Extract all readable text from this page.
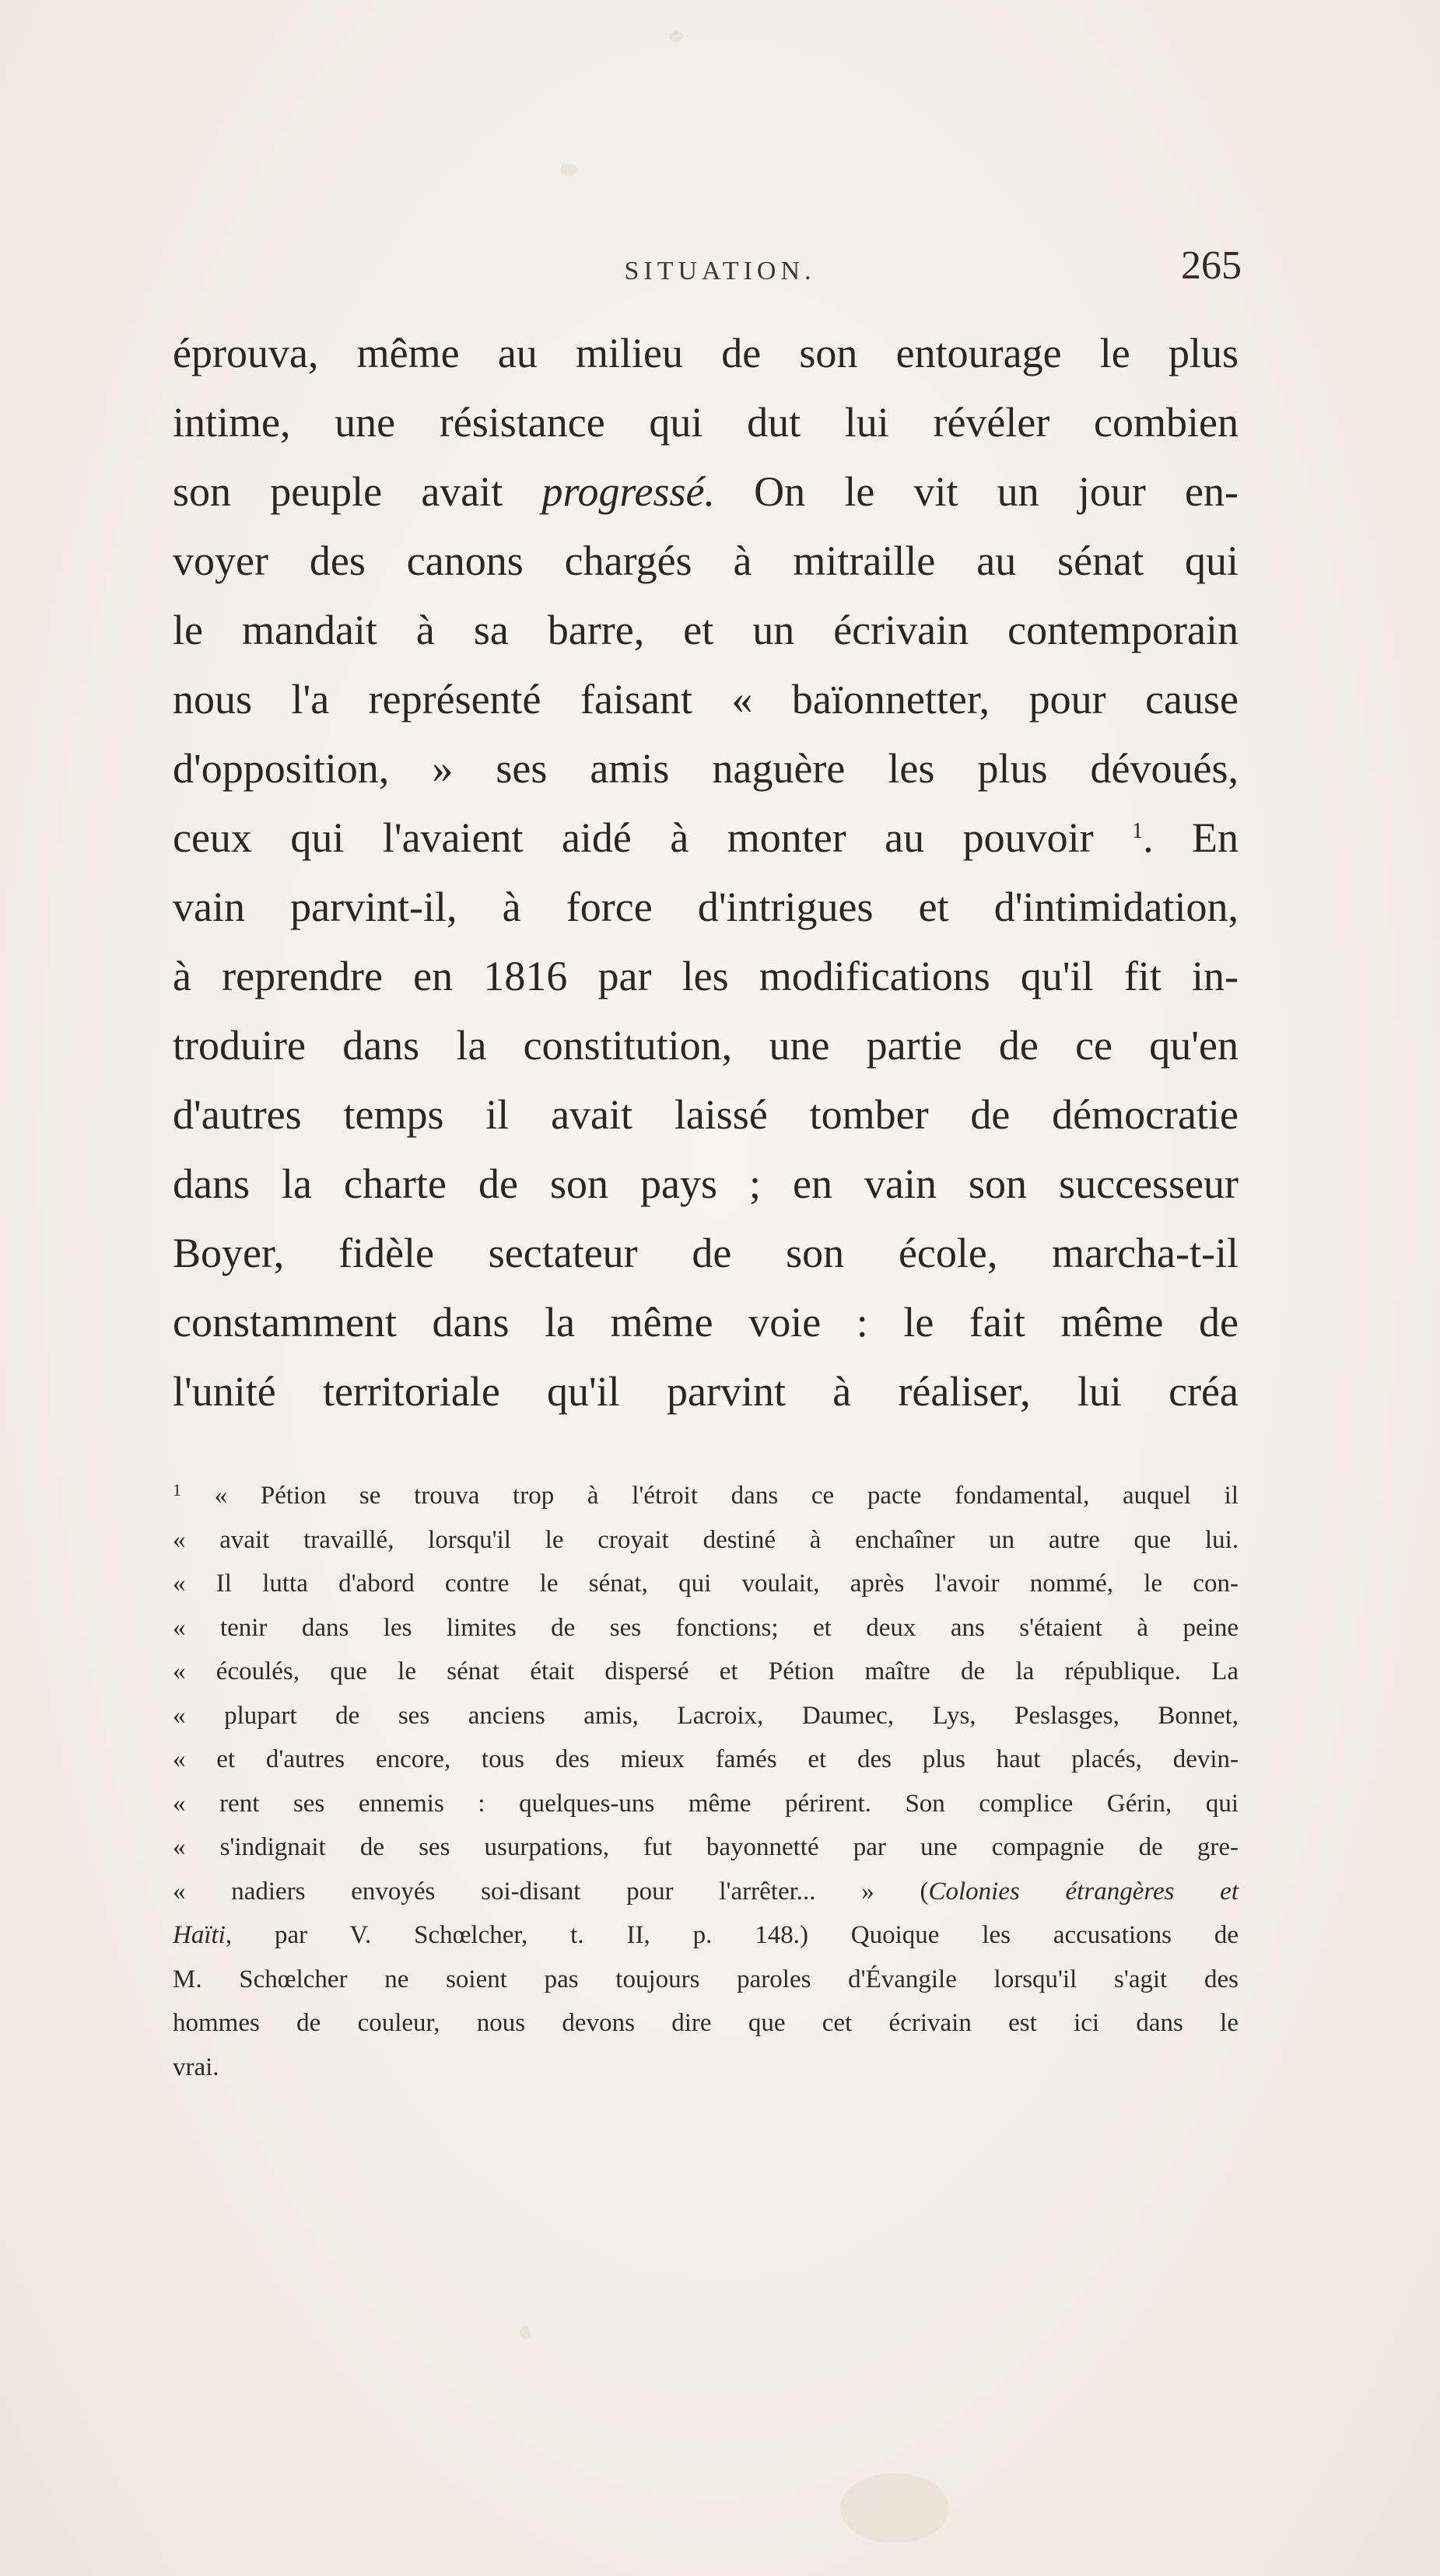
SITUATION.	265
éprouva, même au milieu de son entourage le plus
intime, une résistance qui dut lui révéler combien
son peuple avait progressé. On le vit un jour en-
voyer des canons chargés à mitraille au sénat qui
le mandait à sa barre, et un écrivain contemporain
nous l'a représenté faisant « baïonnetter, pour cause
d'opposition, » ses amis naguère les plus dévoués,
ceux qui l'avaient aidé à monter au pouvoir $^1$. En
vain parvint-il, à force d'intrigues et d'intimidation,
à reprendre en 1816 par les modifications qu'il fit in-
troduire dans la constitution, une partie de ce qu'en
d'autres temps il avait laissé tomber de démocratie
dans la charte de son pays ; en vain son successeur
Boyer, fidèle sectateur de son école, marcha-t-il
constamment dans la même voie : le fait même de
l'unité territoriale qu'il parvint à réaliser, lui créa
$^1$ « Pétion se trouva trop à l'étroit dans ce pacte fondamental, auquel il
« avait travaillé, lorsqu'il le croyait destiné à enchaîner un autre que lui.
« Il lutta d'abord contre le sénat, qui voulait, après l'avoir nommé, le con-
« tenir dans les limites de ses fonctions; et deux ans s'étaient à peine
« écoulés, que le sénat était dispersé et Pétion maître de la république. La
« plupart de ses anciens amis, Lacroix, Daumec, Lys, Peslasges, Bonnet,
« et d'autres encore, tous des mieux famés et des plus haut placés, devin-
« rent ses ennemis : quelques-uns même périrent. Son complice Gérin, qui
« s'indignait de ses usurpations, fut bayonnetté par une compagnie de gre-
« nadiers envoyés soi-disant pour l'arrêter... » (Colonies étrangères et
Haïti, par V. Schœlcher, t. II, p. 148.) Quoique les accusations de
M. Schœlcher ne soient pas toujours paroles d'Évangile lorsqu'il s'agit des
hommes de couleur, nous devons dire que cet écrivain est ici dans le
vrai.
